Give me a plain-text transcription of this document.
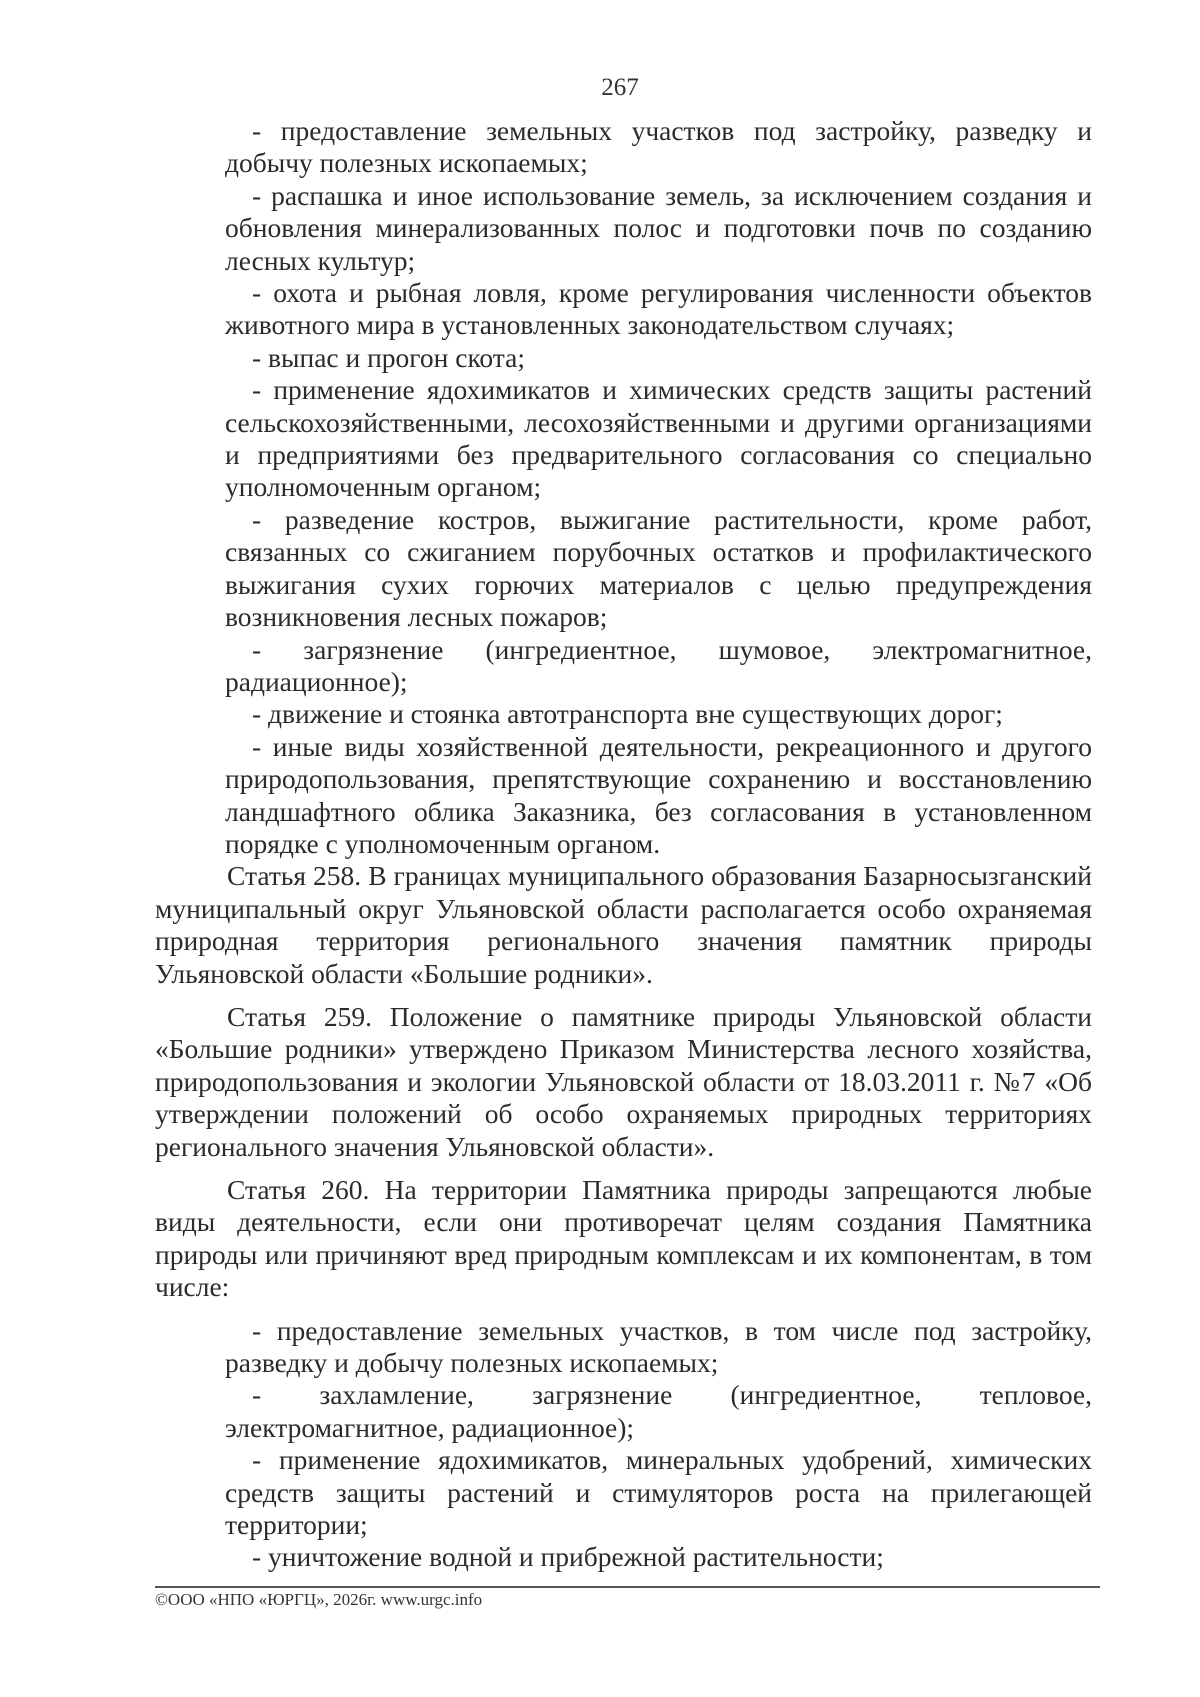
267

- предоставление земельных участков под застройку, разведку и добычу полезных ископаемых;

- распашка и иное использование земель, за исключением создания и обновления минерализованных полос и подготовки почв по созданию лесных культур;

- охота и рыбная ловля, кроме регулирования численности объектов животного мира в установленных законодательством случаях;

- выпас и прогон скота;

- применение ядохимикатов и химических средств защиты растений сельскохозяйственными, лесохозяйственными и другими организациями и предприятиями без предварительного согласования со специально уполномоченным органом;

- разведение костров, выжигание растительности, кроме работ, связанных со сжиганием порубочных остатков и профилактического выжигания сухих горючих материалов с целью предупреждения возникновения лесных пожаров;

- загрязнение (ингредиентное, шумовое, электромагнитное, радиационное);

- движение и стоянка автотранспорта вне существующих дорог;

- иные виды хозяйственной деятельности, рекреационного и другого природопользования, препятствующие сохранению и восстановлению ландшафтного облика Заказника, без согласования в установленном порядке с уполномоченным органом.

Статья 258. В границах муниципального образования Базарносызганский муниципальный округ Ульяновской области располагается особо охраняемая природная территория регионального значения памятник природы Ульяновской области «Большие родники».

Статья 259. Положение о памятнике природы Ульяновской области «Большие родники» утверждено Приказом Министерства лесного хозяйства, природопользования и экологии Ульяновской области от 18.03.2011 г. №7 «Об утверждении положений об особо охраняемых природных территориях регионального значения Ульяновской области».

Статья 260. На территории Памятника природы запрещаются любые виды деятельности, если они противоречат целям создания Памятника природы или причиняют вред природным комплексам и их компонентам, в том числе:

- предоставление земельных участков, в том числе под застройку, разведку и добычу полезных ископаемых;

- захламление, загрязнение (ингредиентное, тепловое, электромагнитное, радиационное);

- применение ядохимикатов, минеральных удобрений, химических средств защиты растений и стимуляторов роста на прилегающей территории;

- уничтожение водной и прибрежной растительности;

©ООО «НПО «ЮРГЦ», 2026г. www.urgc.info
